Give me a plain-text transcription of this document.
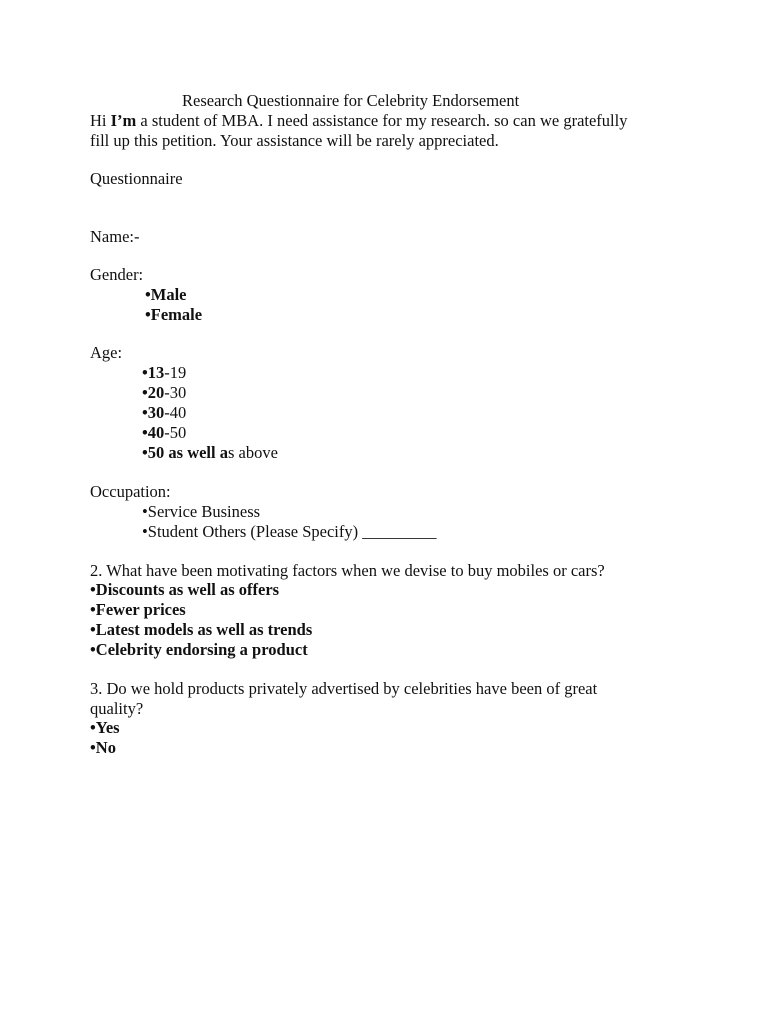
Research Questionnaire for Celebrity Endorsement
Hi I’m a student of MBA. I need assistance for my research. so can we gratefully
fill up this petition. Your assistance will be rarely appreciated.
Questionnaire
Name:-
Gender:
•Male
•Female
Age:
•13-19
•20-30
•30-40
•40-50
•50 as well as above
Occupation:
•Service Business
•Student Others (Please Specify) _________
2. What have been motivating factors when we devise to buy mobiles or cars?
•Discounts as well as offers
•Fewer prices
•Latest models as well as trends
•Celebrity endorsing a product
3. Do we hold products privately advertised by celebrities have been of great
quality?
•Yes
•No
